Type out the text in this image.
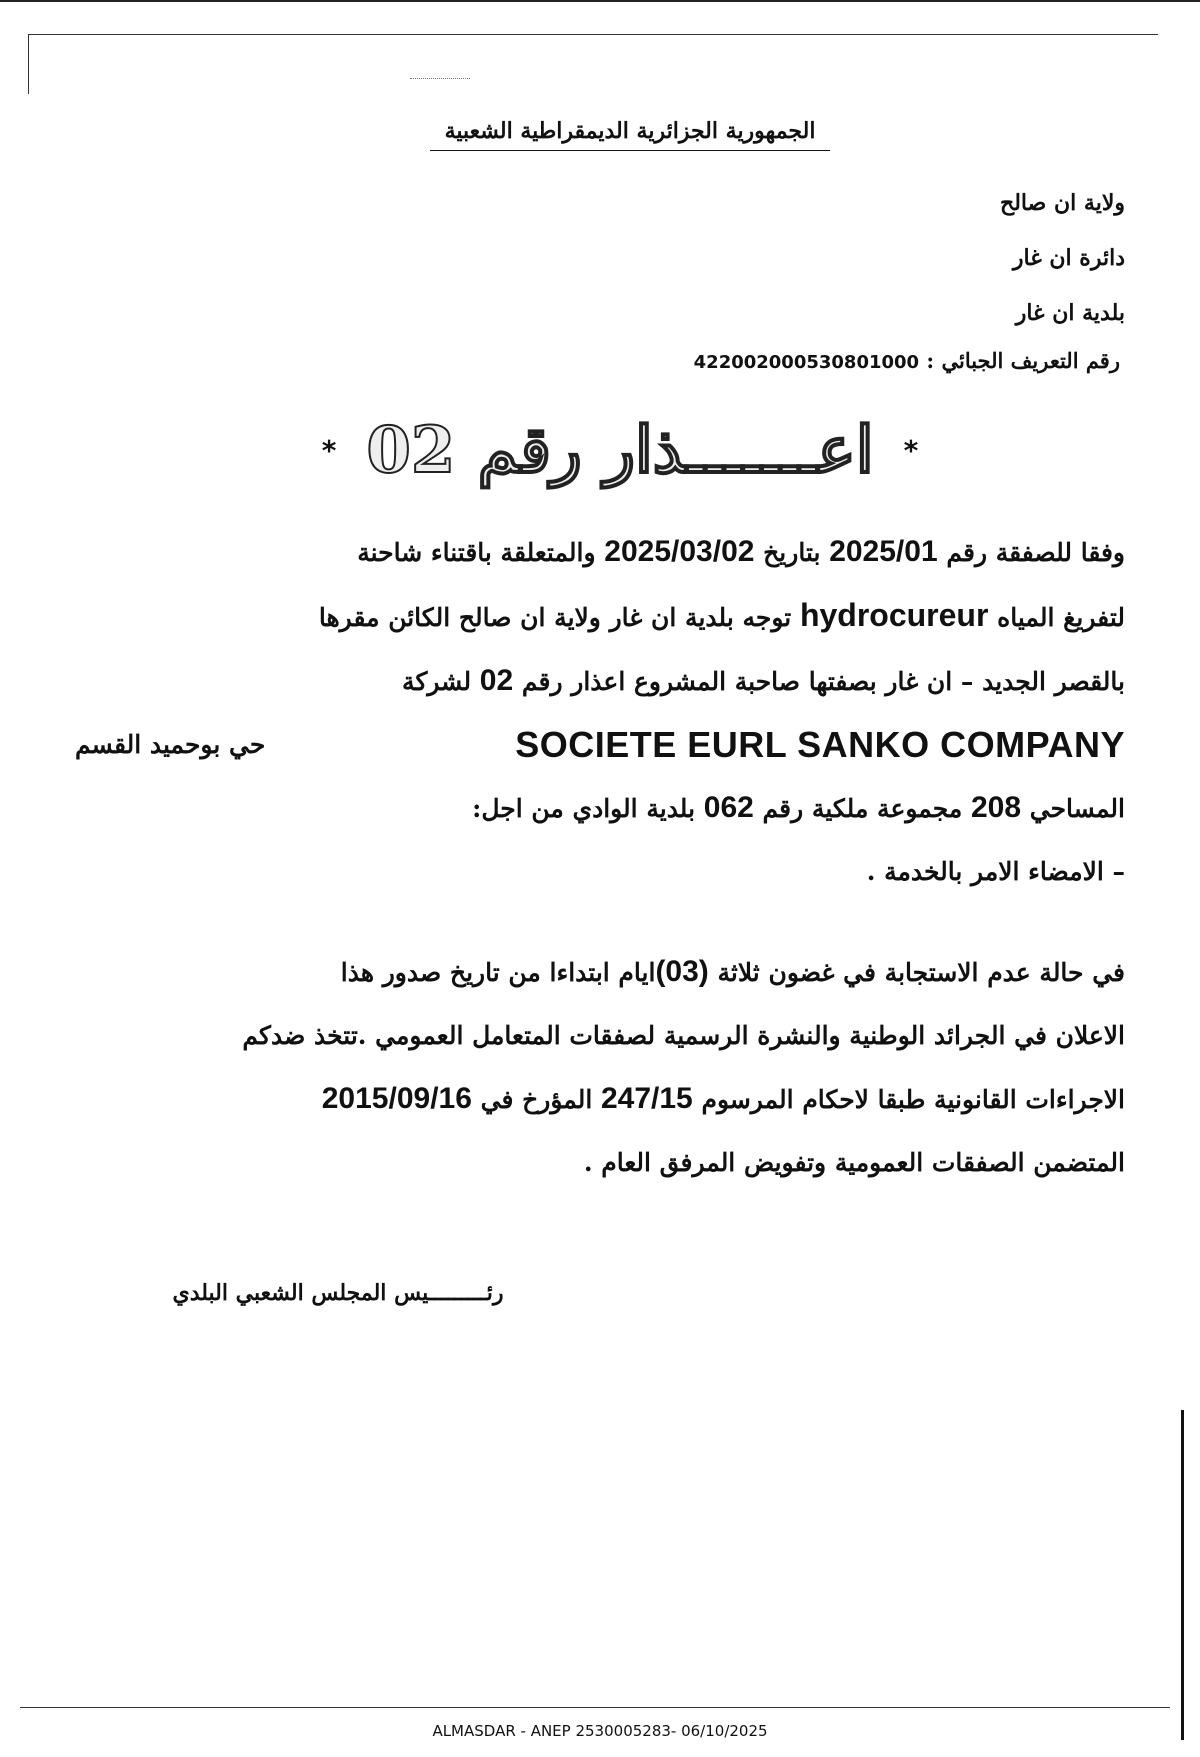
الجمهورية الجزائرية الديمقراطية الشعبية
ولاية ان صالح
دائرة ان غار
بلدية ان غار
رقم التعريف الجبائي : 422002000530801000
* اعـــــــذار رقم 02 *

وفقا للصفقة رقم 2025/01 بتاريخ 2025/03/02 والمتعلقة باقتناء شاحنة

لتفريغ المياه hydrocureur توجه بلدية ان غار ولاية ان صالح الكائن مقرها

بالقصر الجديد – ان غار بصفتها صاحبة المشروع اعذار رقم 02 لشركة

SOCIETE EURL SANKO COMPANY
حي بوحميد القسم

المساحي 208 مجموعة ملكية رقم 062 بلدية الوادي من اجل:

– الامضاء الامر بالخدمة .

في حالة عدم الاستجابة في غضون ثلاثة (03)ايام ابتداءا من تاريخ صدور هذا

الاعلان في الجرائد الوطنية والنشرة الرسمية لصفقات المتعامل العمومي .تتخذ ضدكم

الاجراءات القانونية طبقا لاحكام المرسوم 247/15 المؤرخ في 2015/09/16

المتضمن الصفقات العمومية وتفويض المرفق العام .

رئـــــــــيس المجلس الشعبي البلدي
ALMASDAR - ANEP 2530005283- 06/10/2025
